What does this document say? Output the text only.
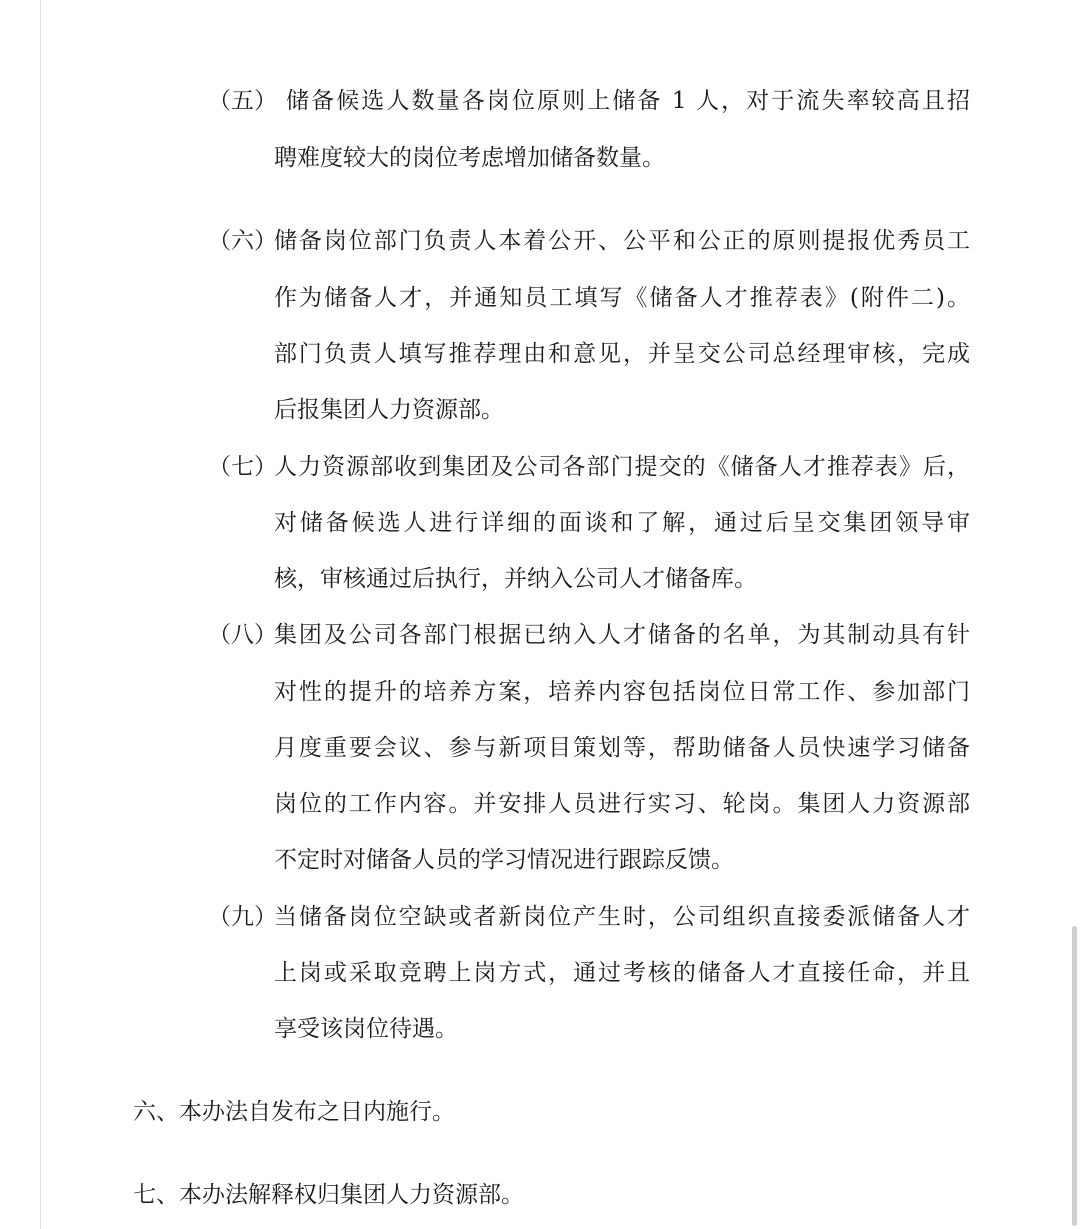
（五） 储备候选人数量各岗位原则上储备 1 人，对于流失率较高且招
聘难度较大的岗位考虑增加储备数量。
（六）
储备岗位部门负责人本着公开、公平和公正的原则提报优秀员工
作为储备人才，并通知员工填写《储备人才推荐表》(附件二)。
部门负责人填写推荐理由和意见，并呈交公司总经理审核，完成
后报集团人力资源部。
（七）
人力资源部收到集团及公司各部门提交的《储备人才推荐表》后，
对储备候选人进行详细的面谈和了解，通过后呈交集团领导审
核，审核通过后执行，并纳入公司人才储备库。
（八）
集团及公司各部门根据已纳入人才储备的名单，为其制动具有针
对性的提升的培养方案，培养内容包括岗位日常工作、参加部门
月度重要会议、参与新项目策划等，帮助储备人员快速学习储备
岗位的工作内容。并安排人员进行实习、轮岗。集团人力资源部
不定时对储备人员的学习情况进行跟踪反馈。
（九）
当储备岗位空缺或者新岗位产生时，公司组织直接委派储备人才
上岗或采取竞聘上岗方式，通过考核的储备人才直接任命，并且
享受该岗位待遇。
六、本办法自发布之日内施行。
七、本办法解释权归集团人力资源部。
